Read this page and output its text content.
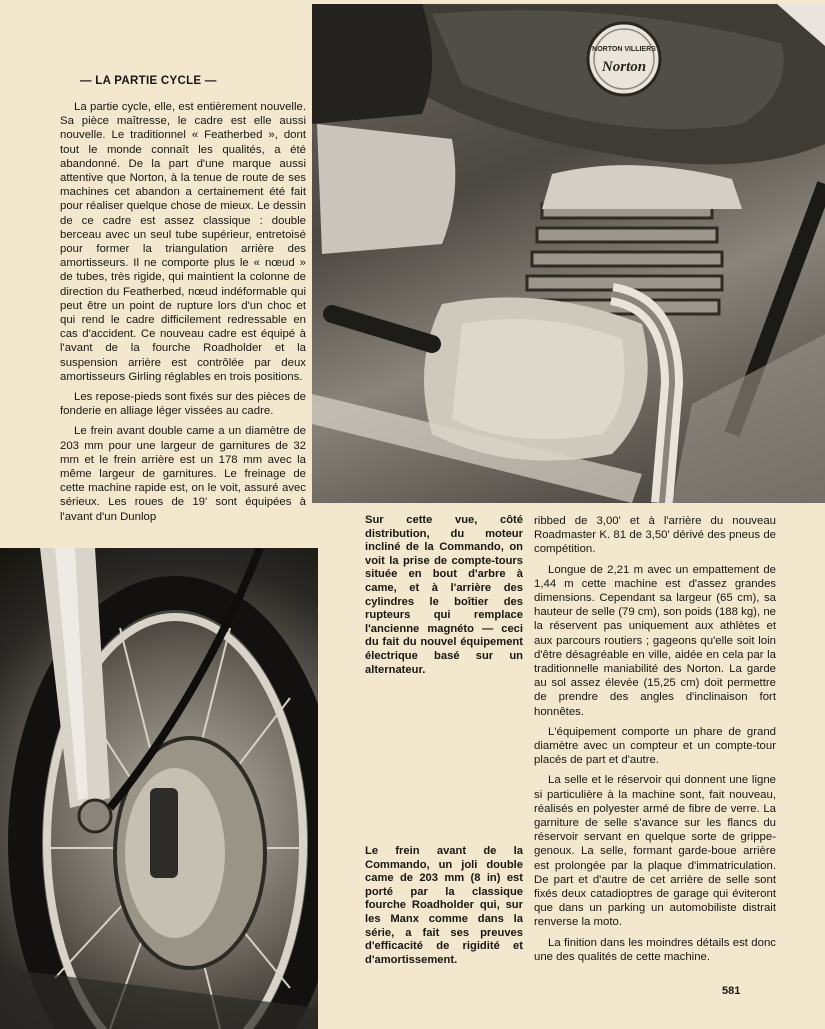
NORTON VILLIERS
Norton
— LA PARTIE CYCLE —

La partie cycle, elle, est entièrement nouvelle. Sa pièce maîtresse, le cadre est elle aussi nouvelle. Le traditionnel « Featherbed », dont tout le monde connaît les qualités, a été abandonné. De la part d'une marque aussi attentive que Norton, à la tenue de route de ses machines cet abandon a certainement été fait pour réaliser quelque chose de mieux. Le dessin de ce cadre est assez classique : double berceau avec un seul tube supérieur, entretoisé pour former la triangulation arrière des amortisseurs. Il ne comporte plus le « nœud » de tubes, très rigide, qui maintient la colonne de direction du Featherbed, nœud indéformable qui peut être un point de rupture lors d'un choc et qui rend le cadre difficilement redressable en cas d'accident. Ce nouveau cadre est équipé à l'avant de la fourche Roadholder et la suspension arrière est contrôlée par deux amortisseurs Girling réglables en trois positions.

Les repose-pieds sont fixés sur des pièces de fonderie en alliage léger vissées au cadre.

Le frein avant double came a un diamètre de 203 mm pour une largeur de garnitures de 32 mm et le frein arrière est un 178 mm avec la même largeur de garnitures. Le freinage de cette machine rapide est, on le voit, assuré avec sérieux. Les roues de 19' sont équipées à l'avant d'un Dunlop	Sur cette vue, côté distribution, du moteur incliné de la Commando, on voit la prise de compte-tours située en bout d'arbre à came, et à l'arrière des cylindres le boîtier des rupteurs qui remplace l'ancienne magnéto — ceci du fait du nouvel équipement électrique basé sur un alternateur.
Le frein avant de la Commando, un joli double came de 203 mm (8 in) est porté par la classique fourche Roadholder qui, sur les Manx comme dans la série, a fait ses preuves d'efficacité de rigidité et d'amortissement.

ribbed de 3,00' et à l'arrière du nouveau Roadmaster K. 81 de 3,50' dérivé des pneus de compétition.

Longue de 2,21 m avec un empattement de 1,44 m cette machine est d'assez grandes dimensions. Cependant sa largeur (65 cm), sa hauteur de selle (79 cm), son poids (188 kg), ne la réservent pas uniquement aux athlètes et aux parcours routiers ; gageons qu'elle soit loin d'être désagréable en ville, aidée en cela par la traditionnelle maniabilité des Norton. La garde au sol assez élevée (15,25 cm) doit permettre de prendre des angles d'inclinaison fort honnêtes.

L'équipement comporte un phare de grand diamètre avec un compteur et un compte-tour placés de part et d'autre.

La selle et le réservoir qui donnent une ligne si particulière à la machine sont, fait nouveau, réalisés en polyester armé de fibre de verre. La garniture de selle s'avance sur les flancs du réservoir servant en quelque sorte de grippe-genoux. La selle, formant garde-boue arrière est prolongée par la plaque d'immatriculation. De part et d'autre de cet arrière de selle sont fixés deux catadioptres de garage qui éviteront que dans un parking un automobiliste distrait renverse la moto.

La finition dans les moindres détails est donc une des qualités de cette machine.

581
